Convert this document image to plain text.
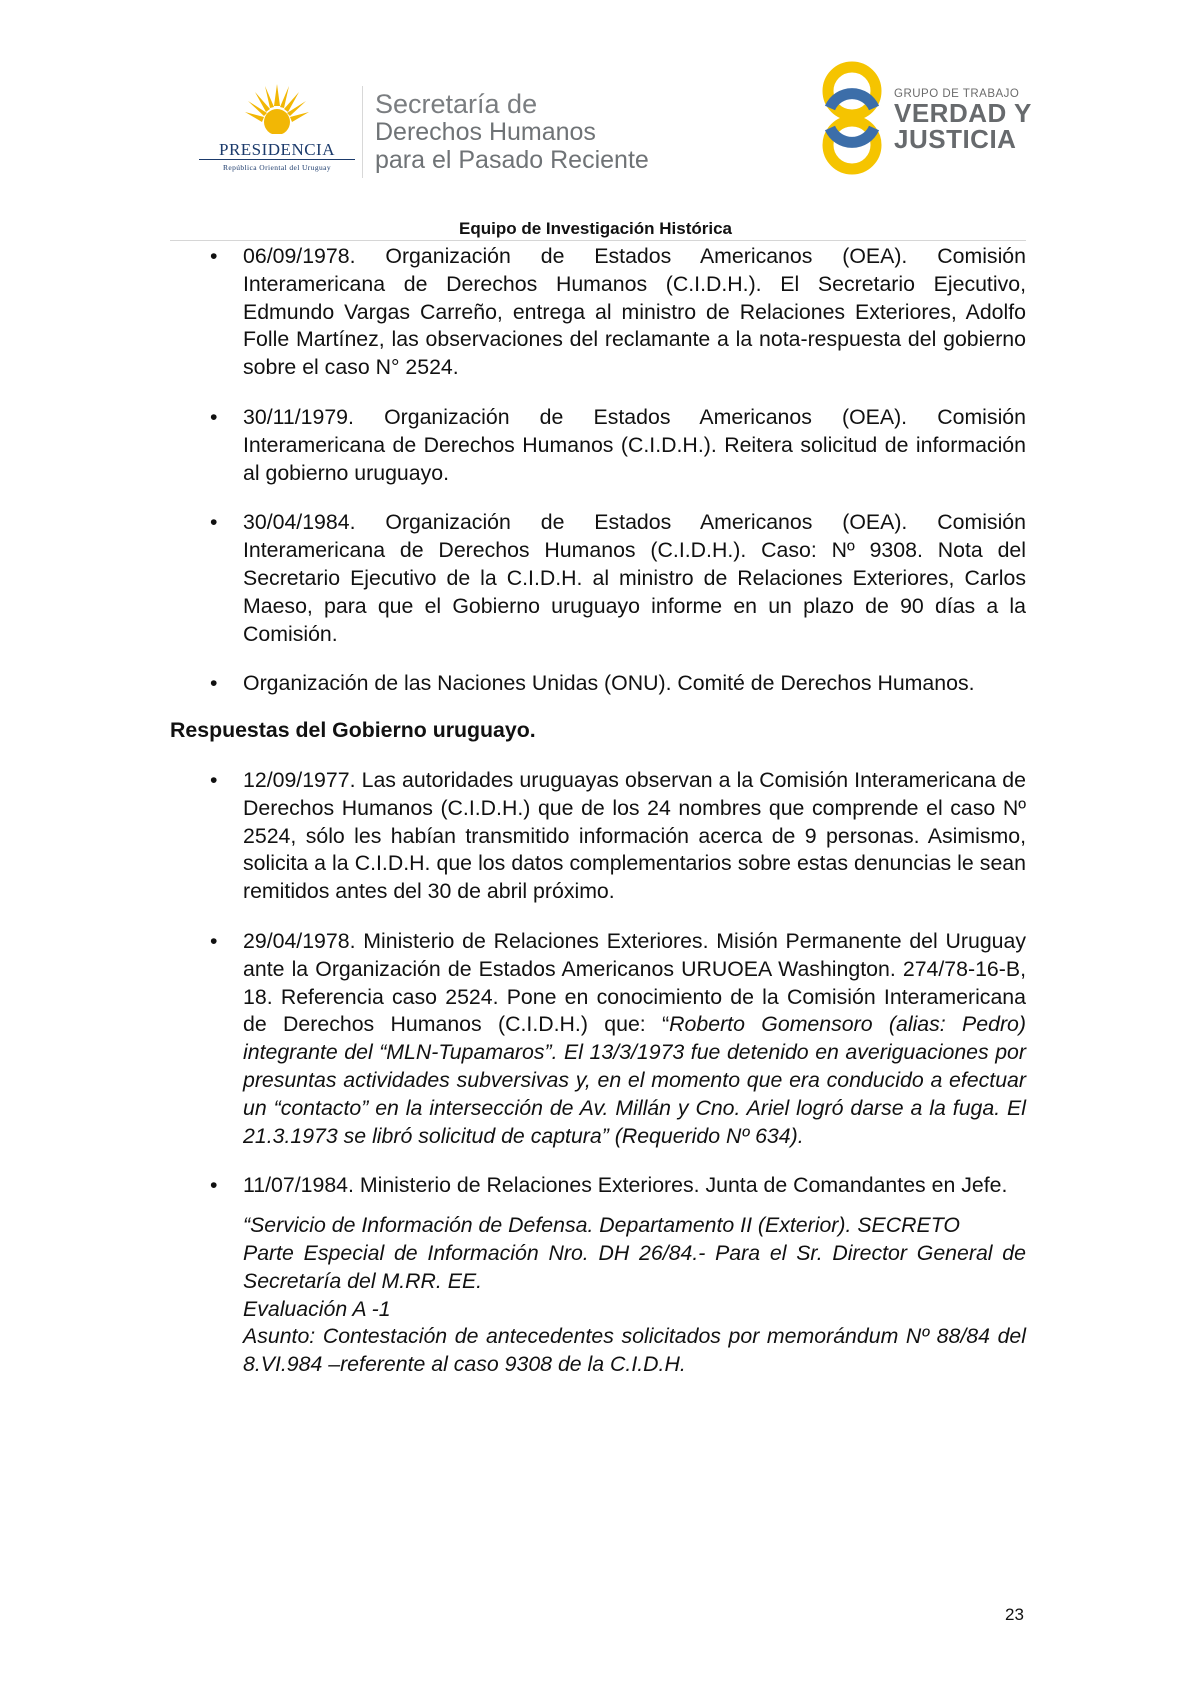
PRESIDENCIA
República Oriental del Uruguay
Secretaría de
Derechos Humanos
para el Pasado Reciente
GRUPO DE TRABAJO
VERDAD Y
JUSTICIA
Equipo de Investigación Histórica
• 06/09/1978. Organización de Estados Americanos (OEA). Comisión Interamericana de Derechos Humanos (C.I.D.H.). El Secretario Ejecutivo, Edmundo Vargas Carreño, entrega al ministro de Relaciones Exteriores, Adolfo Folle Martínez, las observaciones del reclamante a la nota-respuesta del gobierno sobre el caso N° 2524.

• 30/11/1979. Organización de Estados Americanos (OEA). Comisión Interamericana de Derechos Humanos (C.I.D.H.). Reitera solicitud de información al gobierno uruguayo.

• 30/04/1984. Organización de Estados Americanos (OEA). Comisión Interamericana de Derechos Humanos (C.I.D.H.). Caso: Nº 9308. Nota del Secretario Ejecutivo de la C.I.D.H. al ministro de Relaciones Exteriores, Carlos Maeso, para que el Gobierno uruguayo informe en un plazo de 90 días a la Comisión.

• Organización de las Naciones Unidas (ONU). Comité de Derechos Humanos.

Respuestas del Gobierno uruguayo.
• 12/09/1977. Las autoridades uruguayas observan a la Comisión Interamericana de Derechos Humanos (C.I.D.H.) que de los 24 nombres que comprende el caso Nº 2524, sólo les habían transmitido información acerca de 9 personas. Asimismo, solicita a la C.I.D.H. que los datos complementarios sobre estas denuncias le sean remitidos antes del 30 de abril próximo.

• 29/04/1978. Ministerio de Relaciones Exteriores. Misión Permanente del Uruguay ante la Organización de Estados Americanos URUOEA Washington. 274/78-16-B, 18. Referencia caso 2524. Pone en conocimiento de la Comisión Interamericana de Derechos Humanos (C.I.D.H.) que: “Roberto Gomensoro (alias: Pedro) integrante del “MLN-Tupamaros”. El 13/3/1973 fue detenido en averiguaciones por presuntas actividades subversivas y, en el momento que era conducido a efectuar un “contacto” en la intersección de Av. Millán y Cno. Ariel logró darse a la fuga. El 21.3.1973 se libró solicitud de captura” (Requerido Nº 634).

• 11/07/1984. Ministerio de Relaciones Exteriores. Junta de Comandantes en Jefe.

“Servicio de Información de Defensa. Departamento II (Exterior). SECRETO

Parte Especial de Información Nro. DH 26/84.- Para el Sr. Director General de Secretaría del M.RR. EE.

Evaluación A -1

Asunto: Contestación de antecedentes solicitados por memorándum Nº 88/84 del 8.VI.984 –referente al caso 9308 de la C.I.D.H.

23
